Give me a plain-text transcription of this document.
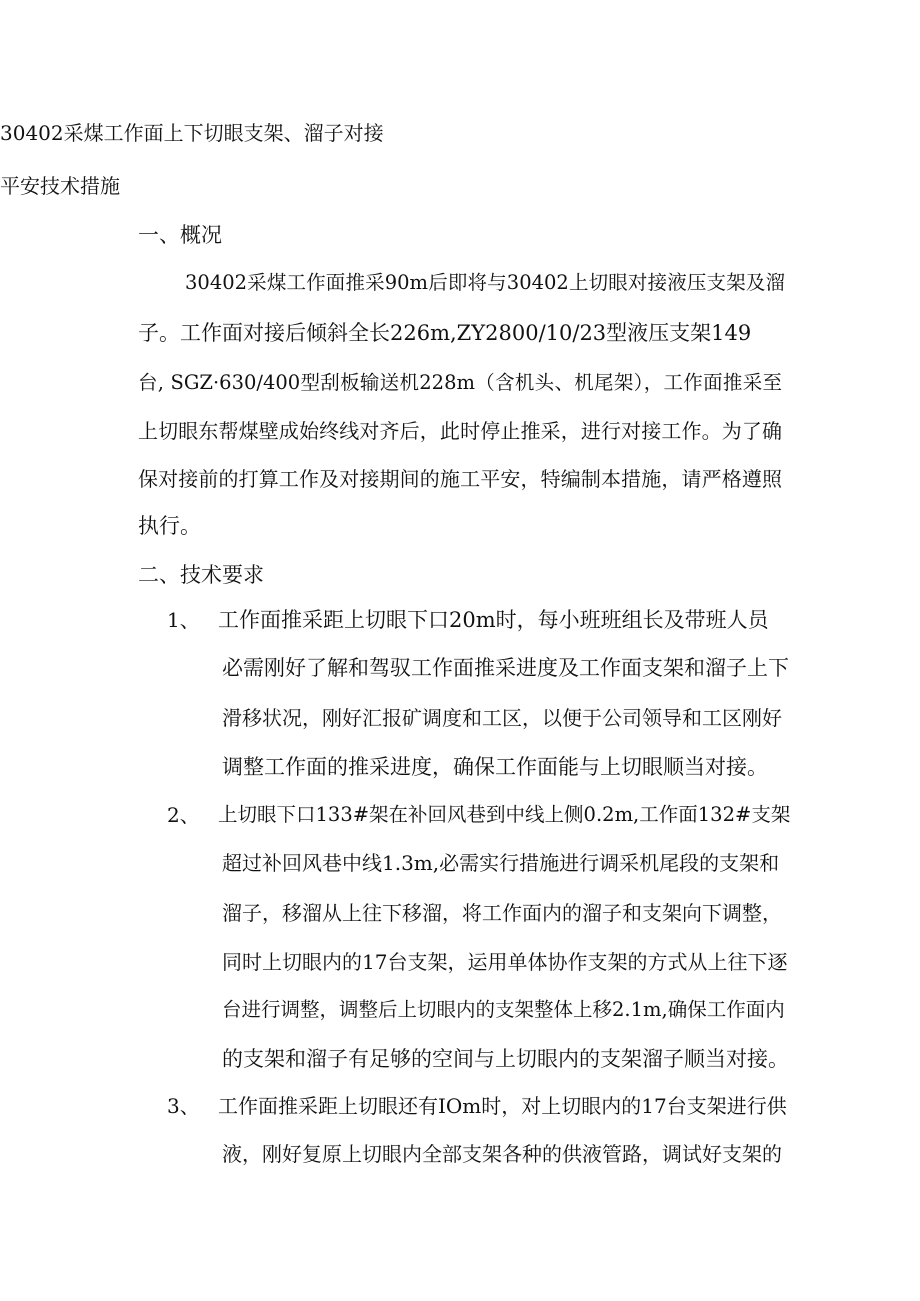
30402采煤工作面上下切眼支架、溜子对接
平安技术措施
一、概况
30402采煤工作面推采90m后即将与30402上切眼对接液压支架及溜
子。工作面对接后倾斜全长226m,ZY2800/10/23型液压支架149
台, SGZ·630∕400型刮板输送机228m（含机头、机尾架），工作面推采至
上切眼东帮煤壁成始终线对齐后，此时停止推采，进行对接工作。为了确
保对接前的打算工作及对接期间的施工平安，特编制本措施，请严格遵照
执行。
二、技术要求
1、 工作面推采距上切眼下口20m时，每小班班组长及带班人员
必需刚好了解和驾驭工作面推采进度及工作面支架和溜子上下
滑移状况，刚好汇报矿调度和工区，以便于公司领导和工区刚好
调整工作面的推采进度，确保工作面能与上切眼顺当对接。
2、 上切眼下口133#架在补回风巷到中线上侧0.2m,工作面132#支架
超过补回风巷中线1.3m,必需实行措施进行调采机尾段的支架和
溜子，移溜从上往下移溜，将工作面内的溜子和支架向下调整，
同时上切眼内的17台支架，运用单体协作支架的方式从上往下逐
台进行调整，调整后上切眼内的支架整体上移2.1m,确保工作面内
的支架和溜子有足够的空间与上切眼内的支架溜子顺当对接。
3、 工作面推采距上切眼还有IOm时，对上切眼内的17台支架进行供
液，刚好复原上切眼内全部支架各种的供液管路，调试好支架的
